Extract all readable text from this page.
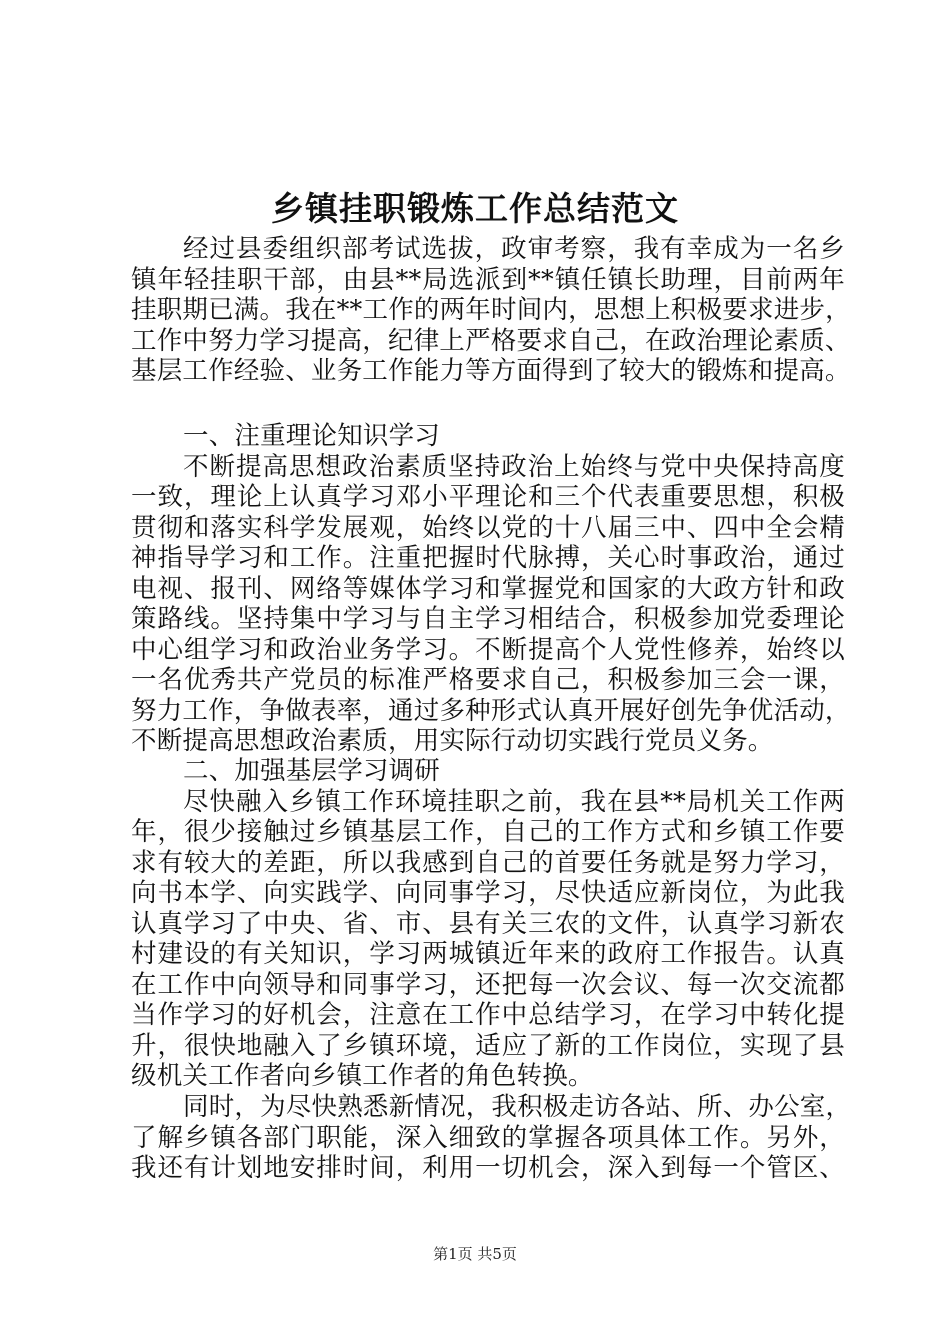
乡镇挂职锻炼工作总结范文
经过县委组织部考试选拔，政审考察，我有幸成为一名乡
镇年轻挂职干部，由县**局选派到**镇任镇长助理，目前两年
挂职期已满。我在**工作的两年时间内，思想上积极要求进步，
工作中努力学习提高，纪律上严格要求自己，在政治理论素质、
基层工作经验、业务工作能力等方面得到了较大的锻炼和提高。
一、注重理论知识学习
不断提高思想政治素质坚持政治上始终与党中央保持高度
一致，理论上认真学习邓小平理论和三个代表重要思想，积极
贯彻和落实科学发展观，始终以党的十八届三中、四中全会精
神指导学习和工作。注重把握时代脉搏，关心时事政治，通过
电视、报刊、网络等媒体学习和掌握党和国家的大政方针和政
策路线。坚持集中学习与自主学习相结合，积极参加党委理论
中心组学习和政治业务学习。不断提高个人党性修养，始终以
一名优秀共产党员的标准严格要求自己，积极参加三会一课，
努力工作，争做表率，通过多种形式认真开展好创先争优活动，
不断提高思想政治素质，用实际行动切实践行党员义务。
二、加强基层学习调研
尽快融入乡镇工作环境挂职之前，我在县**局机关工作两
年，很少接触过乡镇基层工作，自己的工作方式和乡镇工作要
求有较大的差距，所以我感到自己的首要任务就是努力学习，
向书本学、向实践学、向同事学习，尽快适应新岗位，为此我
认真学习了中央、省、市、县有关三农的文件，认真学习新农
村建设的有关知识，学习两城镇近年来的政府工作报告。认真
在工作中向领导和同事学习，还把每一次会议、每一次交流都
当作学习的好机会，注意在工作中总结学习，在学习中转化提
升，很快地融入了乡镇环境，适应了新的工作岗位，实现了县
级机关工作者向乡镇工作者的角色转换。
同时，为尽快熟悉新情况，我积极走访各站、所、办公室，
了解乡镇各部门职能，深入细致的掌握各项具体工作。另外，
我还有计划地安排时间，利用一切机会，深入到每一个管区、
第1页 共5页
